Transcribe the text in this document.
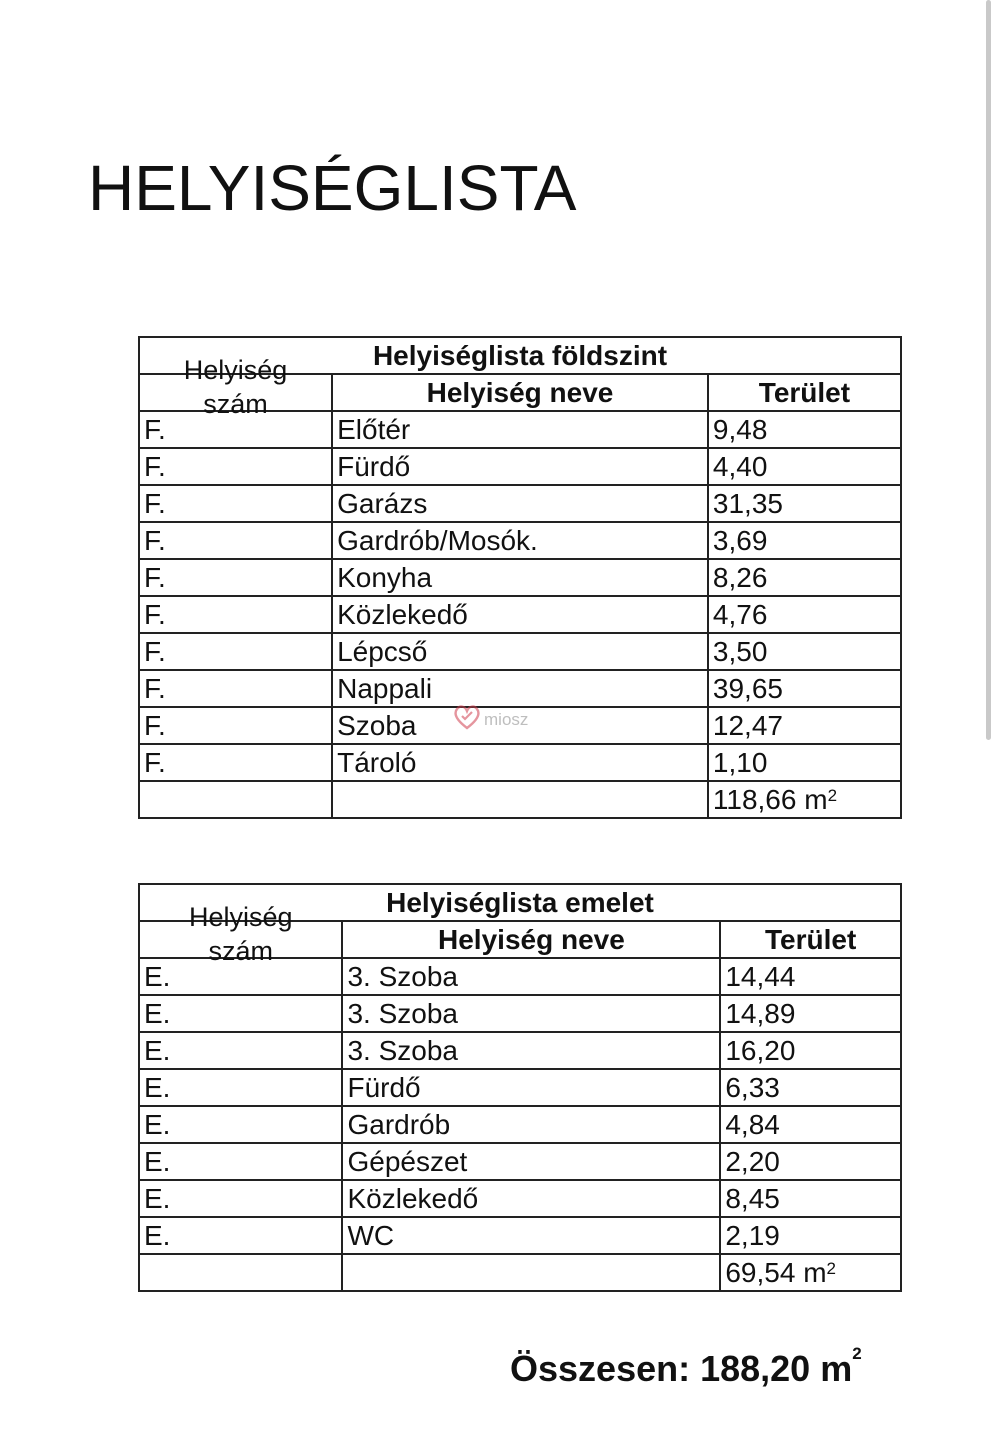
HELYISÉGLISTA
Helyiséglista földszint		

Helyiség
szám	Helyiség neve	Terület
F.	Előtér	9,48
F.	Fürdő	4,40
F.	Garázs	31,35
F.	Gardrób/Mosók.	3,69
F.	Konyha	8,26
F.	Közlekedő	4,76
F.	Lépcső	3,50
F.	Nappali	39,65
F.	Szoba	12,47
F.	Tároló	1,10
		118,66 $m^2$
miosz
Helyiséglista emelet		

Helyiség
szám	Helyiség neve	Terület
E.	3. Szoba	14,44
E.	3. Szoba	14,89
E.	3. Szoba	16,20
E.	Fürdő	6,33
E.	Gardrób	4,84
E.	Gépészet	2,20
E.	Közlekedő	8,45
E.	WC	2,19
		69,54 $m^2$
Összesen: 188,20 $m^2$
